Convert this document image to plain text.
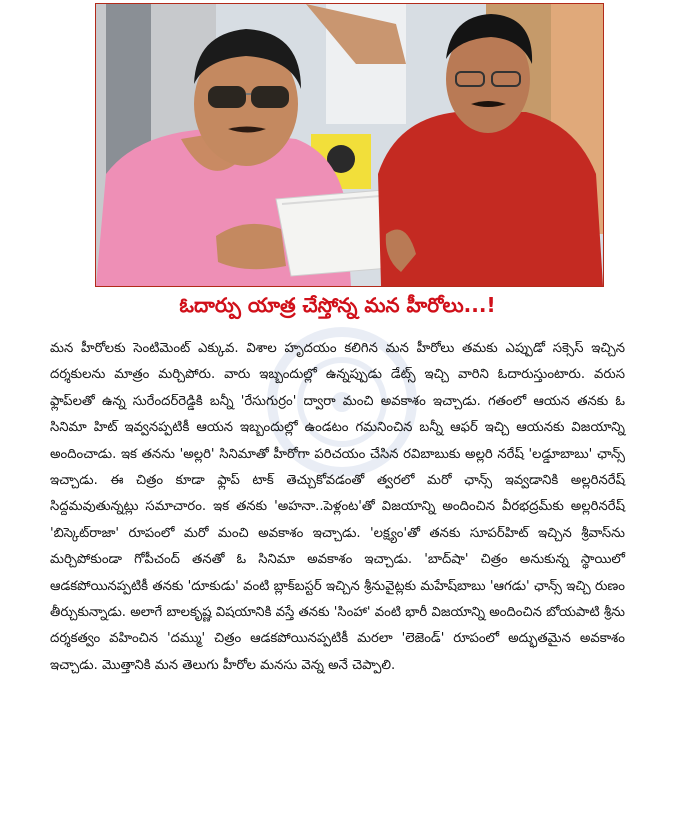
ఓదార్పు యాత్ర చేస్తోన్న మన హీరోలు...!
మన హీరోలకు సెంటిమెంట్ ఎక్కువ. విశాల హృదయం కలిగిన మన హీరోలు తమకు ఎప్పుడో సక్సెస్ ఇచ్చిన దర్శకులను మాత్రం మర్చిపోరు. వారు ఇబ్బందుల్లో ఉన్నప్పుడు డేట్స్ ఇచ్చి వారిని ఓదారుస్తుంటారు. వరుస ఫ్లాప్‌లతో ఉన్న సురేందర్‌రెడ్డికి బన్నీ 'రేసుగుర్రం' ద్వారా మంచి అవకాశం ఇచ్చాడు. గతంలో ఆయన తనకు ఓ సినిమా హిట్ ఇవ్వనప్పటికీ ఆయన ఇబ్బందుల్లో ఉండటం గమనించిన బన్నీ ఆఫర్ ఇచ్చి ఆయనకు విజయాన్ని అందించాడు. ఇక తనను 'అల్లరి' సినిమాతో హీరోగా పరిచయం చేసిన రవిబాబుకు అల్లరి నరేష్ 'లడ్డూబాబు' ఛాన్స్ ఇచ్చాడు. ఈ చిత్రం కూడా ఫ్లాప్ టాక్ తెచ్చుకోవడంతో త్వరలో మరో ఛాన్స్ ఇవ్వడానికి అల్లరినరేష్ సిద్దమవుతున్నట్లు సమాచారం. ఇక తనకు 'అహనా..పెళ్లంట'తో విజయాన్ని అందించిన వీరభద్రమ్‌కు అల్లరినరేష్ 'బిస్కెట్‌రాజా' రూపంలో మరో మంచి అవకాశం ఇచ్చాడు. 'లక్ష్యం'తో తనకు సూపర్‌హిట్ ఇచ్చిన శ్రీవాస్‌ను మర్చిపోకుండా గోపీచంద్ తనతో ఓ సినిమా అవకాశం ఇచ్చాడు. 'బాద్‌షా' చిత్రం అనుకున్న స్థాయిలో ఆడకపోయినప్పటికీ తనకు 'దూకుడు' వంటి బ్లాక్‌బస్టర్ ఇచ్చిన శ్రీనువైట్లకు మహేష్‌బాబు 'ఆగడు' ఛాన్స్ ఇచ్చి రుణం తీర్చుకున్నాడు. అలాగే బాలకృష్ణ విషయానికి వస్తే తనకు 'సింహా' వంటి భారీ విజయాన్ని అందించిన బోయపాటి శ్రీను దర్శకత్వం వహించిన 'దమ్ము' చిత్రం ఆడకపోయినప్పటికీ మరలా 'లెజెండ్' రూపంలో అద్భుతమైన అవకాశం ఇచ్చాడు. మొత్తానికి మన తెలుగు హీరోల మనసు వెన్న అనే చెప్పాలి.
